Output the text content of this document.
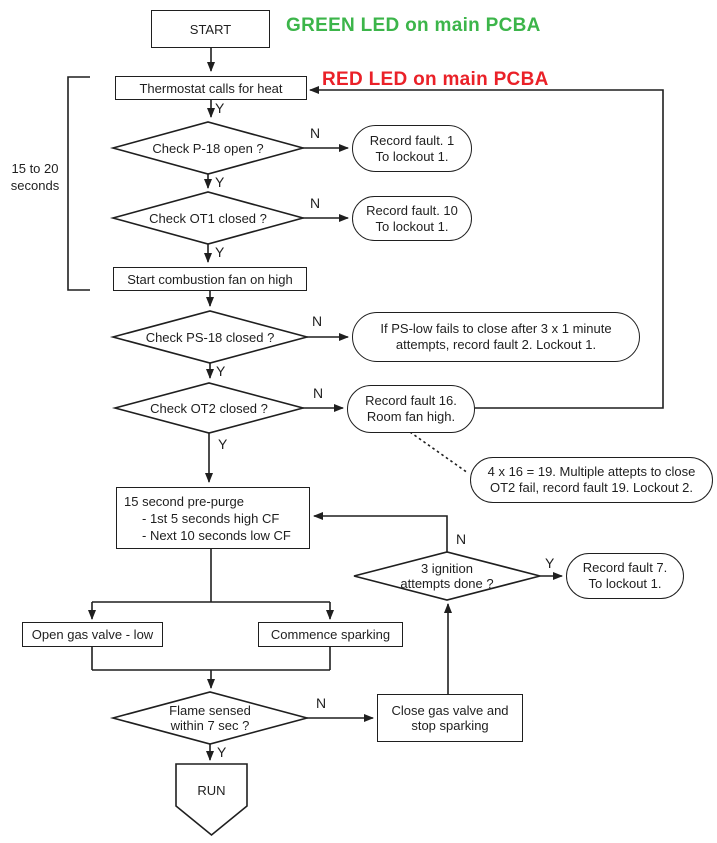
GREEN LED on main PCBA
RED LED on main PCBA
15 to 20 seconds
START
Thermostat calls for heat
Start combustion fan on high
15 second pre-purge
- 1st 5 seconds high CF
- Next 10 seconds low CF
Open gas valve - low	Commence sparking
Close gas valve and
stop sparking
Record fault. 1
To lockout 1.
Record fault. 10
To lockout 1.
If PS-low fails to close after 3 x 1 minute
attempts, record fault 2. Lockout 1.
Record fault 16.
Room fan high.
4 x 16 = 19. Multiple attepts to close
OT2 fail, record fault 19. Lockout 2.
Record fault 7.
To lockout 1.
Check P-18 open ?
Check OT1 closed ?
Check PS-18 closed ?
Check OT2 closed ?
3 ignition
attempts done ?
Flame sensed
within 7 sec ?
RUN
Y
Y
Y
Y
Y
Y
Y
N
N
N
N
N
N
